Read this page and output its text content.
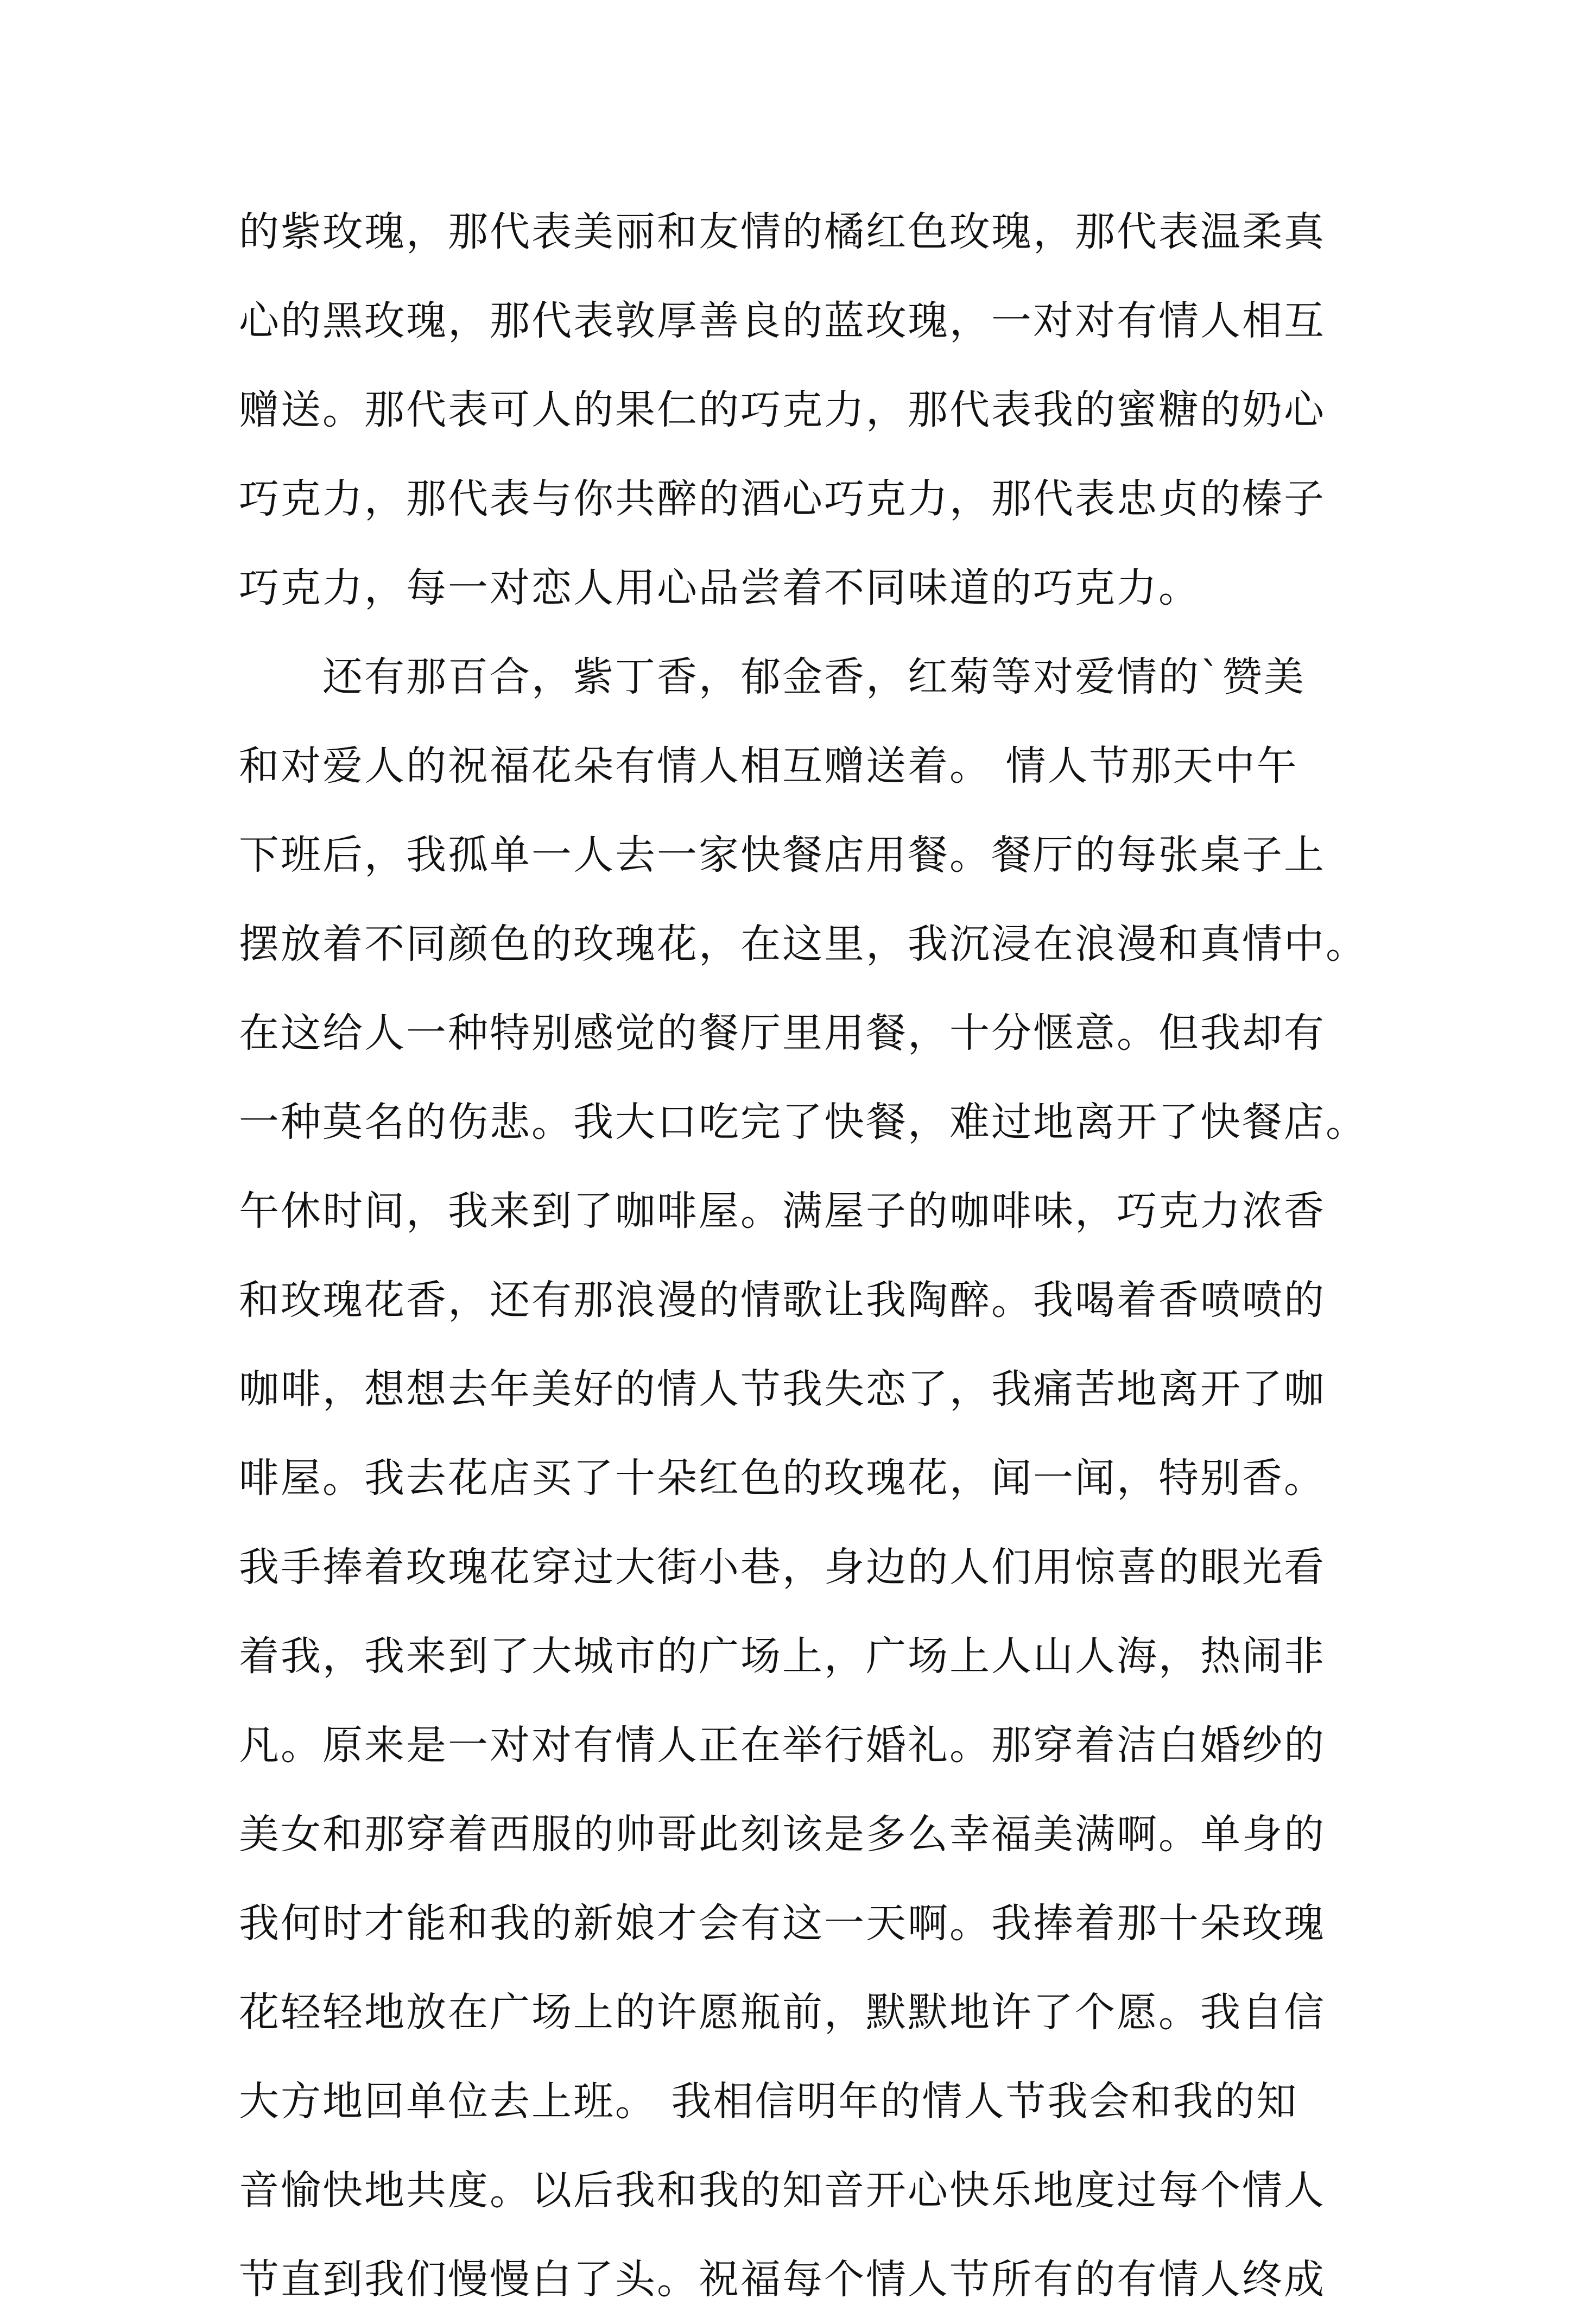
的紫玫瑰，那代表美丽和友情的橘红色玫瑰，那代表温柔真
心的黑玫瑰，那代表敦厚善良的蓝玫瑰，一对对有情人相互
赠送。那代表可人的果仁的巧克力，那代表我的蜜糖的奶心
巧克力，那代表与你共醉的酒心巧克力，那代表忠贞的榛子
巧克力，每一对恋人用心品尝着不同味道的巧克力。
　　还有那百合，紫丁香，郁金香，红菊等对爱情的`赞美
和对爱人的祝福花朵有情人相互赠送着。 情人节那天中午
下班后，我孤单一人去一家快餐店用餐。餐厅的每张桌子上
摆放着不同颜色的玫瑰花，在这里，我沉浸在浪漫和真情中。
在这给人一种特别感觉的餐厅里用餐，十分惬意。但我却有
一种莫名的伤悲。我大口吃完了快餐，难过地离开了快餐店。
午休时间，我来到了咖啡屋。满屋子的咖啡味，巧克力浓香
和玫瑰花香，还有那浪漫的情歌让我陶醉。我喝着香喷喷的
咖啡，想想去年美好的情人节我失恋了，我痛苦地离开了咖
啡屋。我去花店买了十朵红色的玫瑰花，闻一闻，特别香。
我手捧着玫瑰花穿过大街小巷，身边的人们用惊喜的眼光看
着我，我来到了大城市的广场上，广场上人山人海，热闹非
凡。原来是一对对有情人正在举行婚礼。那穿着洁白婚纱的
美女和那穿着西服的帅哥此刻该是多么幸福美满啊。单身的
我何时才能和我的新娘才会有这一天啊。我捧着那十朵玫瑰
花轻轻地放在广场上的许愿瓶前，默默地许了个愿。我自信
大方地回单位去上班。 我相信明年的情人节我会和我的知
音愉快地共度。以后我和我的知音开心快乐地度过每个情人
节直到我们慢慢白了头。祝福每个情人节所有的有情人终成
